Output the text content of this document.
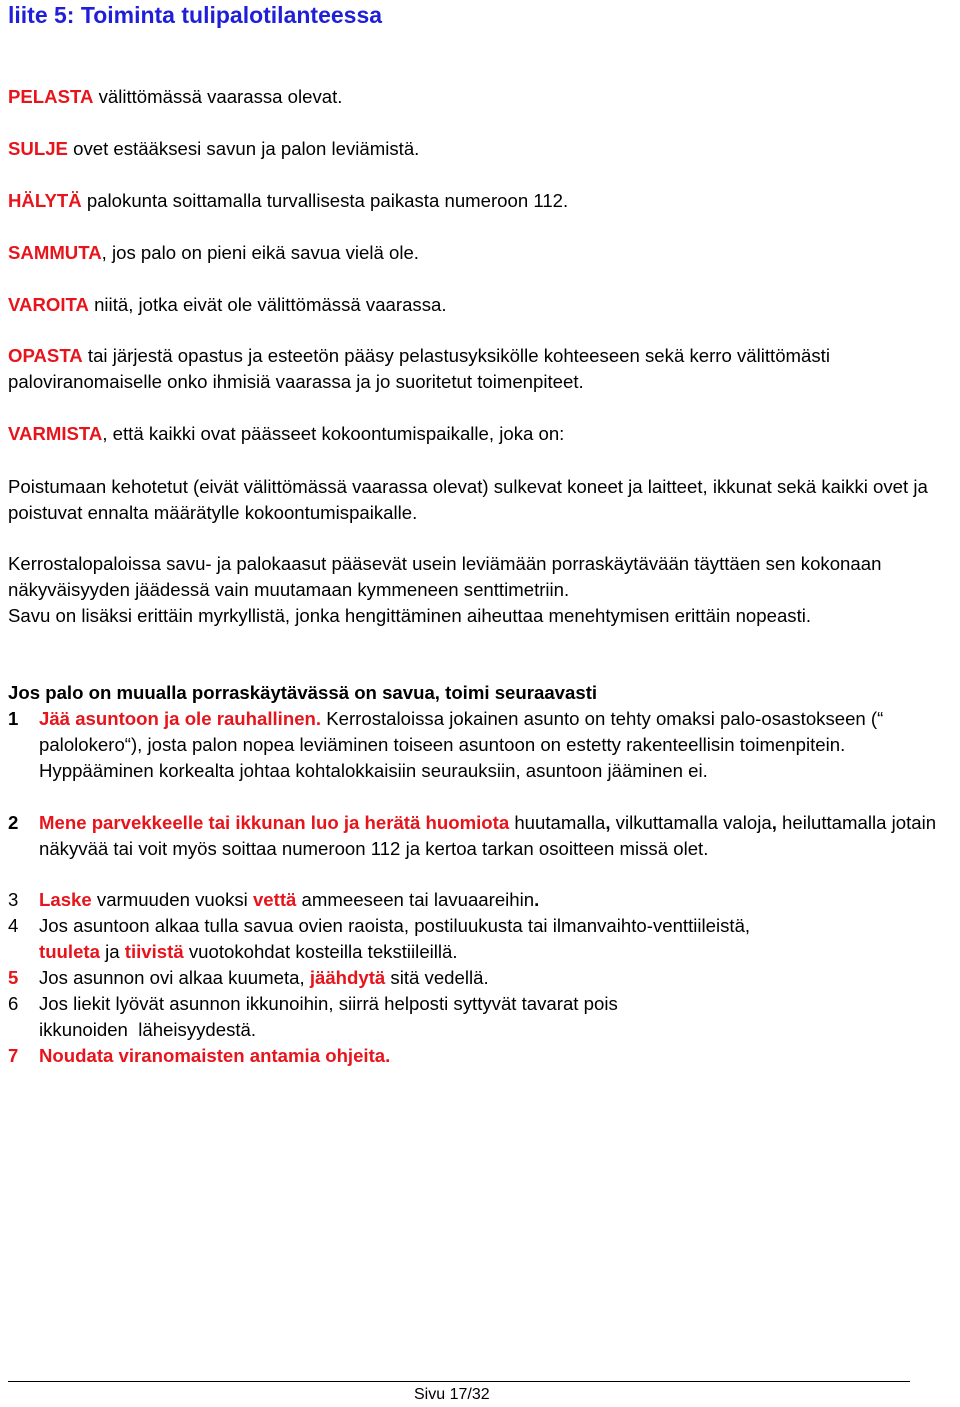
liite 5: Toiminta tulipalotilanteessa

PELASTA välittömässä vaarassa olevat.

SULJE ovet estääksesi savun ja palon leviämistä.

HÄLYTÄ palokunta soittamalla turvallisesta paikasta numeroon 112.

SAMMUTA, jos palo on pieni eikä savua vielä ole.

VAROITA niitä, jotka eivät ole välittömässä vaarassa.

OPASTA tai järjestä opastus ja esteetön pääsy pelastusyksikölle kohteeseen sekä kerro välittömästi paloviranomaiselle onko ihmisiä vaarassa ja jo suoritetut toimenpiteet.

VARMISTA, että kaikki ovat päässeet kokoontumispaikalle, joka on:

Poistumaan kehotetut (eivät välittömässä vaarassa olevat) sulkevat koneet ja laitteet, ikkunat sekä kaikki ovet ja poistuvat ennalta määrätylle kokoontumispaikalle.

Kerrostalopaloissa savu- ja palokaasut pääsevät usein leviämään porraskäytävään täyttäen sen kokonaan näkyväisyyden jäädessä vain muutamaan kymmeneen senttimetriin.

Savu on lisäksi erittäin myrkyllistä, jonka hengittäminen aiheuttaa menehtymisen erittäin nopeasti.

Jos palo on muualla porraskäytävässä on savua, toimi seuraavasti

1	Jää asuntoon ja ole rauhallinen. Kerrostaloissa jokainen asunto on tehty omaksi palo-osastokseen (“ palolokero“), josta palon nopea leviäminen toiseen asuntoon on estetty rakenteellisin toimenpitein. Hyppääminen korkealta johtaa kohtalokkaisiin seurauksiin, asuntoon jääminen ei.
2	Mene parvekkeelle tai ikkunan luo ja herätä huomiota huutamalla, vilkuttamalla valoja, heiluttamalla jotain näkyvää tai voit myös soittaa numeroon 112 ja kertoa tarkan osoitteen missä olet.
3	Laske varmuuden vuoksi vettä ammeeseen tai lavuaareihin.
4	Jos asuntoon alkaa tulla savua ovien raoista, postiluukusta tai ilmanvaihto-venttiileistä, tuuleta ja tiivistä vuotokohdat kosteilla tekstiileillä.
5	Jos asunnon ovi alkaa kuumeta, jäähdytä sitä vedellä.
6	Jos liekit lyövät asunnon ikkunoihin, siirrä helposti syttyvät tavarat pois
ikkunoiden  läheisyydestä.
7	Noudata viranomaisten antamia ohjeita.
Sivu 17/32
